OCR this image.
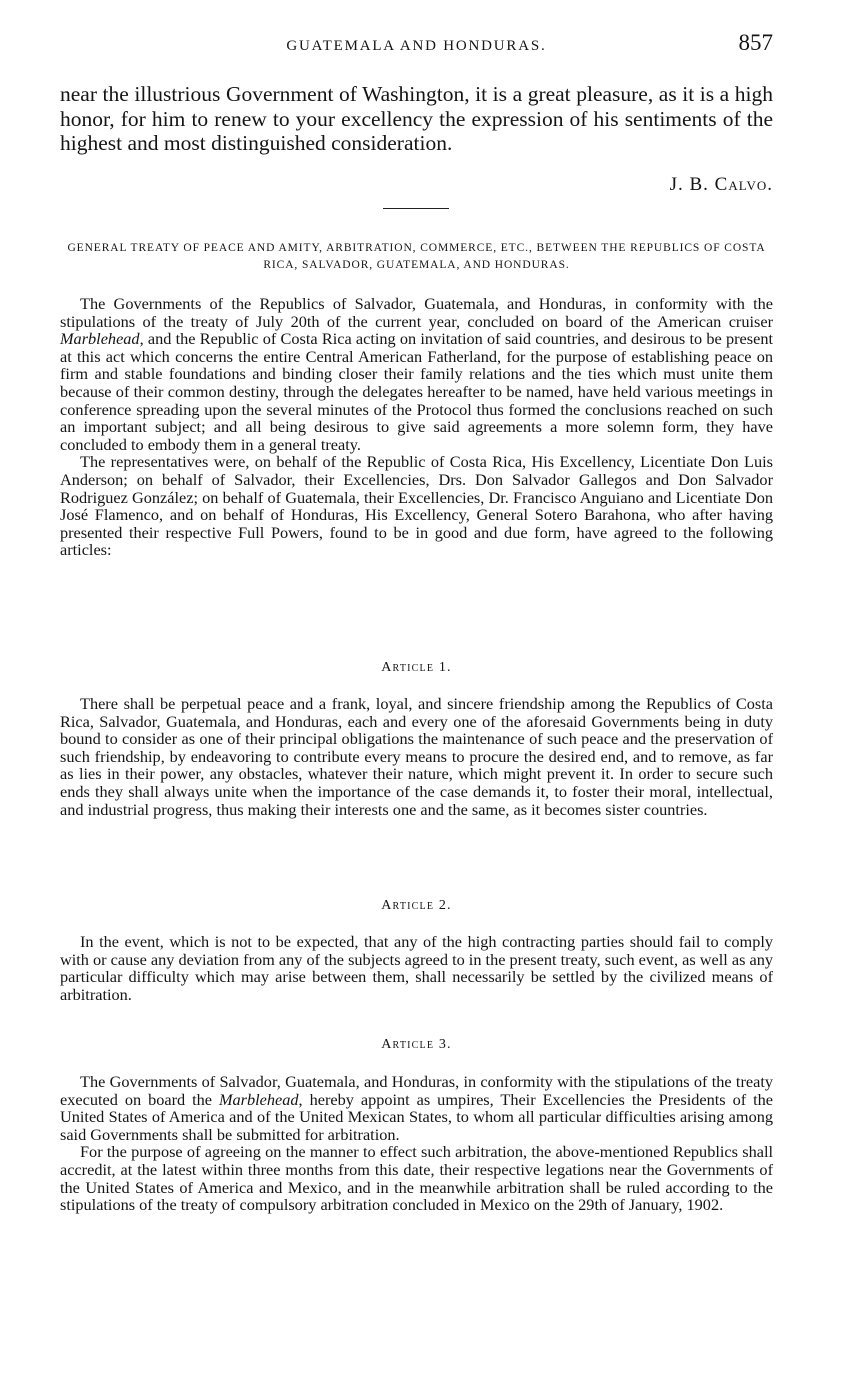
GUATEMALA AND HONDURAS.	857

near the illustrious Government of Washington, it is a great pleasure, as it is a high honor, for him to renew to your excellency the expression of his sentiments of the highest and most distinguished consideration.

J. B. Calvo.

GENERAL TREATY OF PEACE AND AMITY, ARBITRATION, COMMERCE, ETC., BETWEEN THE REPUBLICS OF COSTA RICA, SALVADOR, GUATEMALA, AND HONDURAS.

The Governments of the Republics of Salvador, Guatemala, and Honduras, in conformity with the stipulations of the treaty of July 20th of the current year, concluded on board of the American cruiser Marblehead, and the Republic of Costa Rica acting on invitation of said countries, and desirous to be present at this act which concerns the entire Central American Fatherland, for the purpose of establishing peace on firm and stable foundations and binding closer their family relations and the ties which must unite them because of their common destiny, through the delegates hereafter to be named, have held various meetings in conference spreading upon the several minutes of the Protocol thus formed the conclusions reached on such an important subject; and all being desirous to give said agreements a more solemn form, they have concluded to embody them in a general treaty.

The representatives were, on behalf of the Republic of Costa Rica, His Excellency, Licentiate Don Luis Anderson; on behalf of Salvador, their Excellencies, Drs. Don Salvador Gallegos and Don Salvador Rodriguez González; on behalf of Guatemala, their Excellencies, Dr. Francisco Anguiano and Licentiate Don José Flamenco, and on behalf of Honduras, His Excellency, General Sotero Barahona, who after having presented their respective Full Powers, found to be in good and due form, have agreed to the following articles:

Article 1.

There shall be perpetual peace and a frank, loyal, and sincere friendship among the Republics of Costa Rica, Salvador, Guatemala, and Honduras, each and every one of the aforesaid Governments being in duty bound to consider as one of their principal obligations the maintenance of such peace and the preservation of such friendship, by endeavoring to contribute every means to procure the desired end, and to remove, as far as lies in their power, any obstacles, whatever their nature, which might prevent it. In order to secure such ends they shall always unite when the importance of the case demands it, to foster their moral, intellectual, and industrial progress, thus making their interests one and the same, as it becomes sister countries.

Article 2.

In the event, which is not to be expected, that any of the high contracting parties should fail to comply with or cause any deviation from any of the subjects agreed to in the present treaty, such event, as well as any particular difficulty which may arise between them, shall necessarily be settled by the civilized means of arbitration.

Article 3.

The Governments of Salvador, Guatemala, and Honduras, in conformity with the stipulations of the treaty executed on board the Marblehead, hereby appoint as umpires, Their Excellencies the Presidents of the United States of America and of the United Mexican States, to whom all particular difficulties arising among said Governments shall be submitted for arbitration.

For the purpose of agreeing on the manner to effect such arbitration, the above-mentioned Republics shall accredit, at the latest within three months from this date, their respective legations near the Governments of the United States of America and Mexico, and in the meanwhile arbitration shall be ruled according to the stipulations of the treaty of compulsory arbitration concluded in Mexico on the 29th of January, 1902.
